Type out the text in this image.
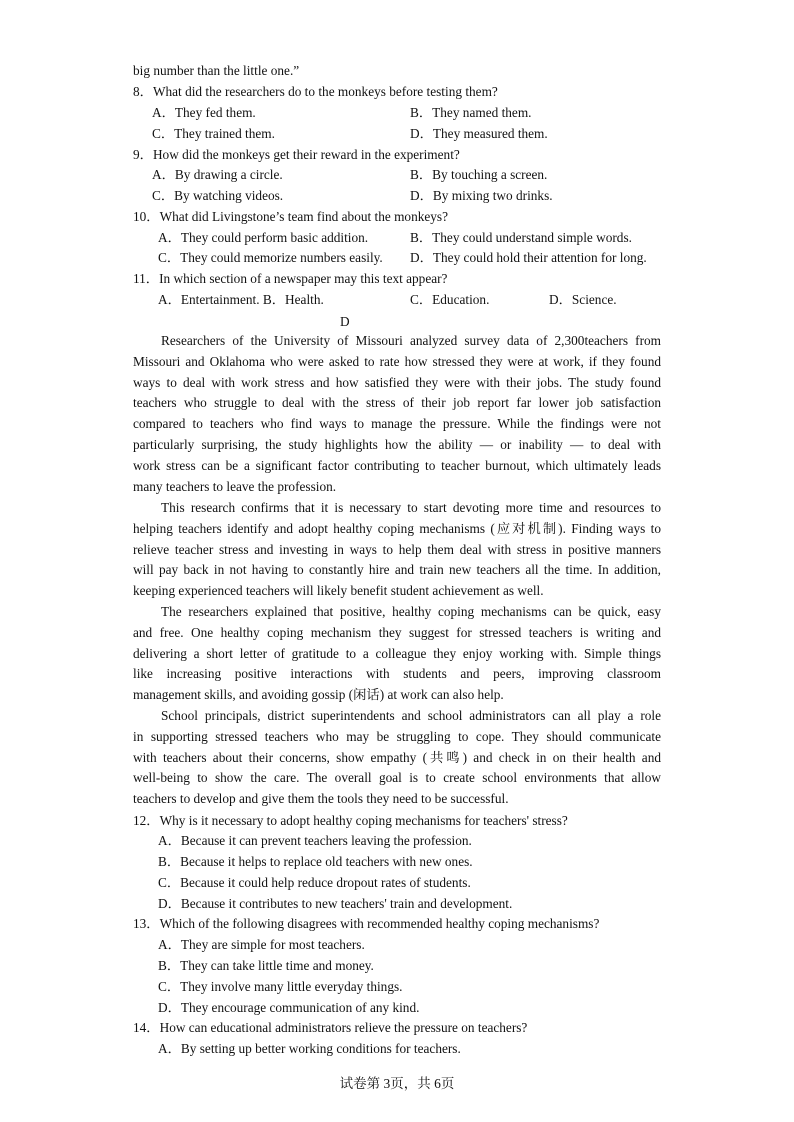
big number than the little one.”
8．What did the researchers do to the monkeys before testing them?
A．They fed them.	B．They named them.
C．They trained them.	D．They measured them.
9．How did the monkeys get their reward in the experiment?
A．By drawing a circle.	B．By touching a screen.
C．By watching videos.	D．By mixing two drinks.
10．What did Livingstone’s team find about the monkeys?
A．They could perform basic addition.	B．They could understand simple words.
C．They could memorize numbers easily. D．They could hold their attention for long.
11．In which section of a newspaper may this text appear?
A．Entertainment. B．Health.	C．Education.	D．Science.
D
Researchers of the University of Missouri analyzed survey data of 2,300teachers from
Missouri and Oklahoma who were asked to rate how stressed they were at work, if they found
ways to deal with work stress and how satisfied they were with their jobs. The study found
teachers who struggle to deal with the stress of their job report far lower job satisfaction
compared to teachers who find ways to manage the pressure. While the findings were not
particularly surprising, the study highlights how the ability — or inability — to deal with
work stress can be a significant factor contributing to teacher burnout, which ultimately leads
many teachers to leave the profession.
This research confirms that it is necessary to start devoting more time and resources to
helping teachers identify and adopt healthy coping mechanisms (应对机制). Finding ways to
relieve teacher stress and investing in ways to help them deal with stress in positive manners
will pay back in not having to constantly hire and train new teachers all the time. In addition,
keeping experienced teachers will likely benefit student achievement as well.
The researchers explained that positive, healthy coping mechanisms can be quick, easy
and free. One healthy coping mechanism they suggest for stressed teachers is writing and
delivering a short letter of gratitude to a colleague they enjoy working with. Simple things
like increasing positive interactions with students and peers, improving classroom
management skills, and avoiding gossip (闲话) at work can also help.
School principals, district superintendents and school administrators can all play a role
in supporting stressed teachers who may be struggling to cope. They should communicate
with teachers about their concerns, show empathy (共鸣) and check in on their health and
well-being to show the care. The overall goal is to create school environments that allow
teachers to develop and give them the tools they need to be successful.
12．Why is it necessary to adopt healthy coping mechanisms for teachers' stress?
A．Because it can prevent teachers leaving the profession.
B．Because it helps to replace old teachers with new ones.
C．Because it could help reduce dropout rates of students.
D．Because it contributes to new teachers' train and development.
13．Which of the following disagrees with recommended healthy coping mechanisms?
A．They are simple for most teachers.
B．They can take little time and money.
C．They involve many little everyday things.
D．They encourage communication of any kind.
14．How can educational administrators relieve the pressure on teachers?
A．By setting up better working conditions for teachers.
试卷第 3页，共 6页
